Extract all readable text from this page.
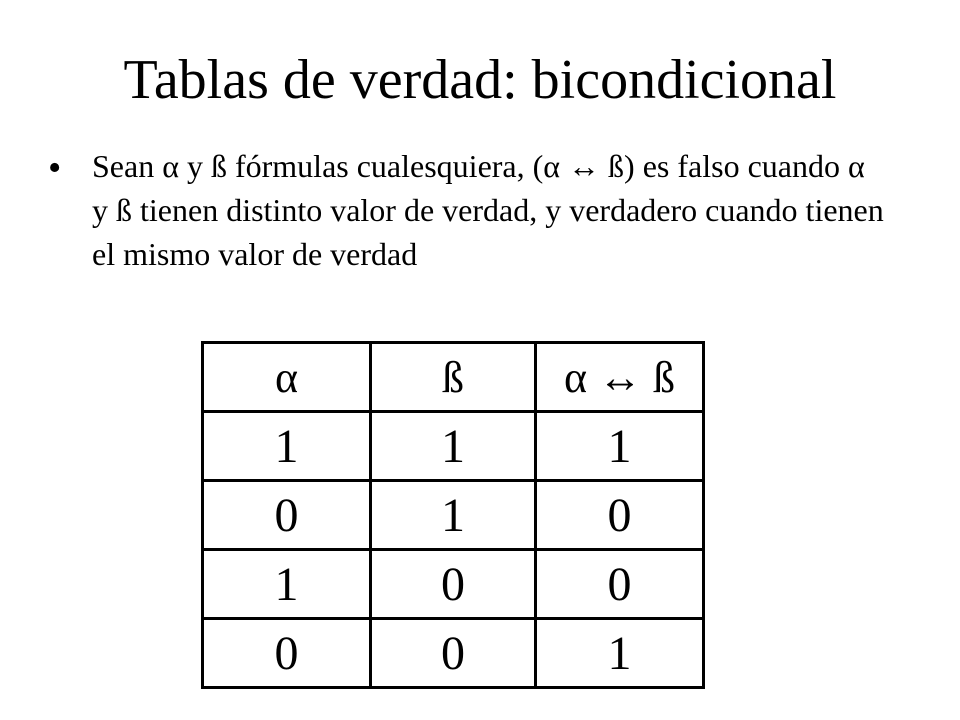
Tablas de verdad: bicondicional
• Sean α y ß fórmulas cualesquiera, (α ↔ ß) es falso cuando α y ß tienen distinto valor de verdad, y verdadero cuando tienen el mismo valor de verdad
α	ß	α ↔ ß
1	1	1
0	1	0
1	0	0
0	0	1
